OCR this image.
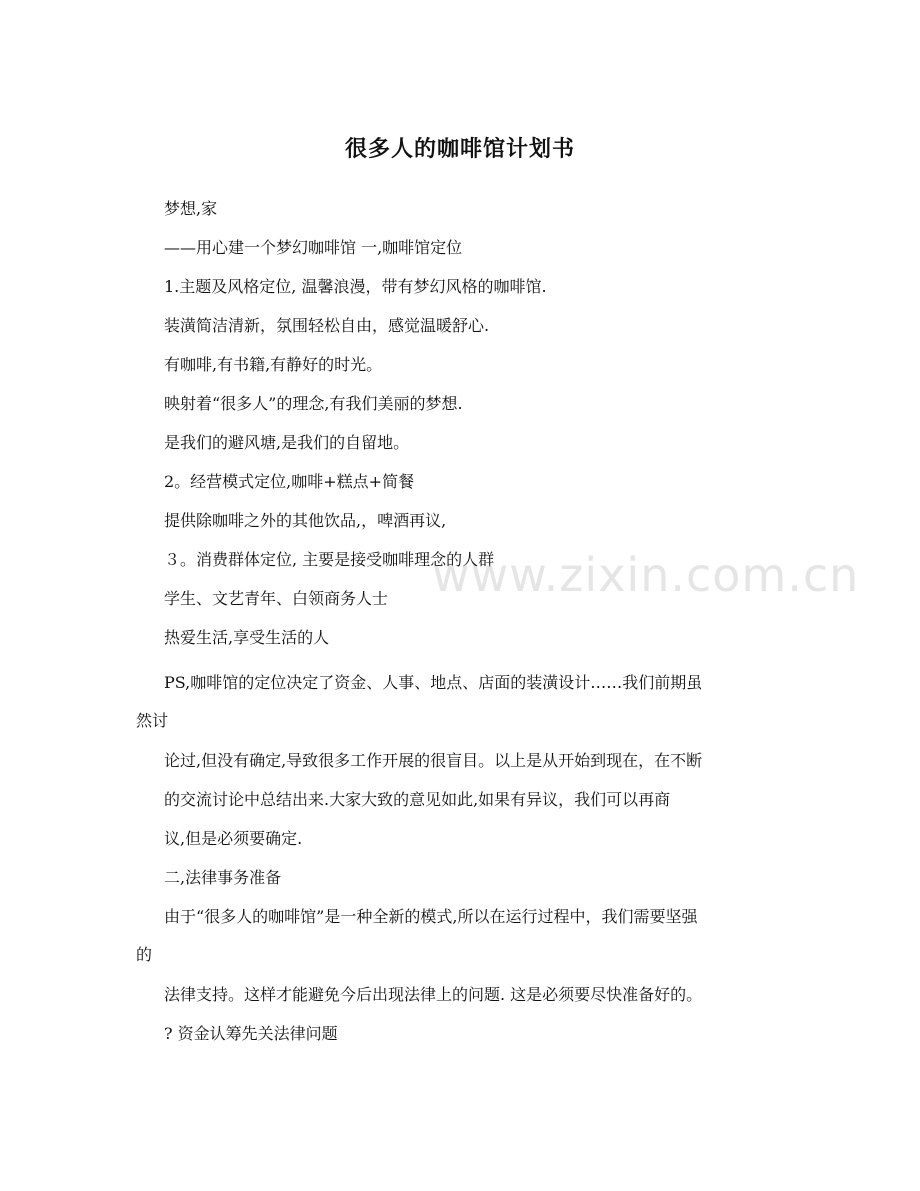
很多人的咖啡馆计划书
梦想,家
——用心建一个梦幻咖啡馆 一,咖啡馆定位
1.主题及风格定位, 温馨浪漫，带有梦幻风格的咖啡馆.
装潢简洁清新，氛围轻松自由，感觉温暖舒心.
有咖啡,有书籍,有静好的时光。
映射着“很多人”的理念,有我们美丽的梦想.
是我们的避风塘,是我们的自留地。
2。经营模式定位,咖啡+糕点+简餐
提供除咖啡之外的其他饮品,，啤酒再议,
３。消费群体定位, 主要是接受咖啡理念的人群
学生、文艺青年、白领商务人士
热爱生活,享受生活的人
PS,咖啡馆的定位决定了资金、人事、地点、店面的装潢设计……我们前期虽
然讨
论过,但没有确定,导致很多工作开展的很盲目。以上是从开始到现在，在不断
的交流讨论中总结出来.大家大致的意见如此,如果有异议，我们可以再商
议,但是必须要确定.
二,法律事务准备
由于“很多人的咖啡馆”是一种全新的模式,所以在运行过程中，我们需要坚强
的
法律支持。这样才能避免今后出现法律上的问题. 这是必须要尽快准备好的。
? 资金认筹先关法律问题
www.zixin.com.cn
